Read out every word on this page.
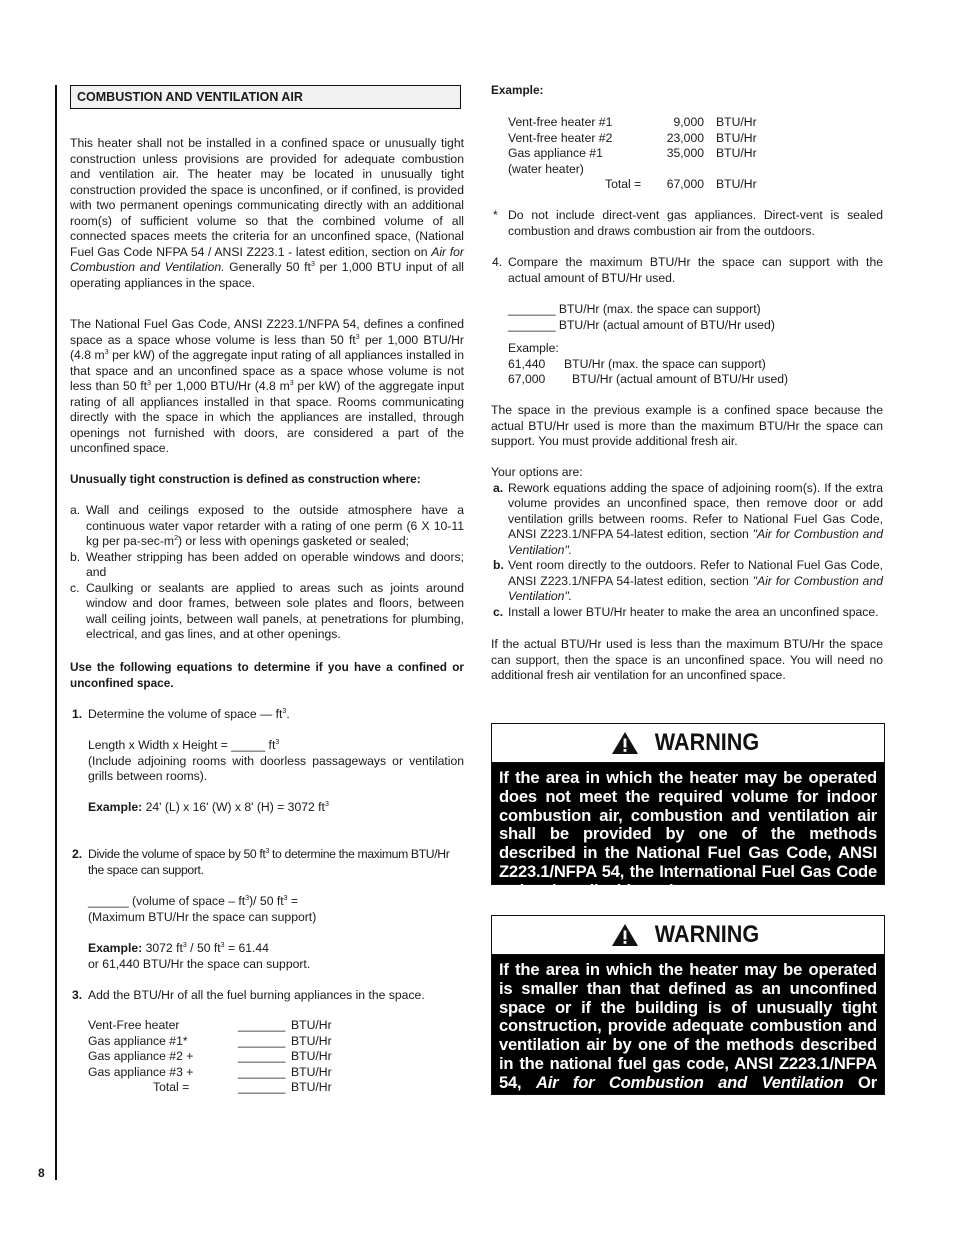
8
COMBUSTION AND VENTILATION AIR

This heater shall not be installed in a confined space or unusually tight construction unless provisions are provided for adequate combustion and ventilation air. The heater may be located in unusually tight construction provided the space is unconfined, or if confined, is provided with two permanent openings communicating directly with an additional room(s) of sufficient volume so that the combined volume of all connected spaces meets the criteria for an unconfined space, (National Fuel Gas Code NFPA 54 / ANSI Z223.1 - latest edition, section on Air for Combustion and Ventilation. Generally 50 $ft^3$ per 1,000 BTU input of all operating appliances in the space.

The National Fuel Gas Code, ANSI Z223.1/NFPA 54, defines a confined space as a space whose volume is less than 50 $ft^3$ per 1,000 BTU/Hr (4.8 $m^3$ per kW) of the aggregate input rating of all appliances installed in that space and an unconfined space as a space whose volume is not less than 50 $ft^3$ per 1,000 BTU/Hr (4.8 $m^3$ per kW) of the aggregate input rating of all appliances installed in that space. Rooms communicating directly with the space in which the appliances are installed, through openings not furnished with doors, are considered a part of the unconfined space.

Unusually tight construction is defined as construction where:

a. Wall and ceilings exposed to the outside atmosphere have a continuous water vapor retarder with a rating of one perm (6 X 10-11 kg per $pa-\sec-m^2$) or less with openings gasketed or sealed;
b. Weather stripping has been added on operable windows and doors; and
c. Caulking or sealants are applied to areas such as joints around window and door frames, between sole plates and floors, between wall ceiling joints, between wall panels, at penetrations for plumbing, electrical, and gas lines, and at other openings.

Use the following equations to determine if you have a confined or unconfined space.

1. Determine the volume of space — $ft^3$.
Length x Width x Height = _____ $ft^3$
(Include adjoining rooms with doorless passageways or ventilation grills between rooms).
Example: 24' (L) x 16' (W) x 8' (H) = 3072 $ft^3$
2. Divide the volume of space by 50 $ft^3$ to determine the maximum BTU/Hr the space can support.
______ (volume of space – $ft^3)/$ 50 $ft^3$ =
(Maximum BTU/Hr the space can support)
Example: 3072 $ft^3 / 50$ $ft^3 = 61.44$
or 61,440 BTU/Hr the space can support.
3. Add the BTU/Hr of all the fuel burning appliances in the space.
Vent-Free heater	_______ BTU/Hr
Gas appliance #1*	_______ BTU/Hr
Gas appliance #2 +	_______ BTU/Hr
Gas appliance #3 +	_______ BTU/Hr
Total =	_______ BTU/Hr

Example:

Vent-free heater #1	9,000 BTU/Hr
Vent-free heater #2	23,000 BTU/Hr
Gas appliance #1	35,000 BTU/Hr
(water heater)
Total =	67,000 BTU/Hr
* Do not include direct-vent gas appliances. Direct-vent is sealed combustion and draws combustion air from the outdoors.
4. Compare the maximum BTU/Hr the space can support with the actual amount of BTU/Hr used.
_______ BTU/Hr (max. the space can support)
_______ BTU/Hr (actual amount of BTU/Hr used)
Example:
61,440	BTU/Hr (max. the space can support)
67,000	BTU/Hr (actual amount of BTU/Hr used)

The space in the previous example is a confined space because the actual BTU/Hr used is more than the maximum BTU/Hr the space can support. You must provide additional fresh air.

Your options are:
a. Rework equations adding the space of adjoining room(s). If the extra volume provides an unconfined space, then remove door or add ventilation grills between rooms. Refer to National Fuel Gas Code, ANSI Z223.1/NFPA 54-latest edition, section "Air for Combustion and Ventilation".
b. Vent room directly to the outdoors. Refer to National Fuel Gas Code, ANSI Z223.1/NFPA 54-latest edition, section "Air for Combustion and Ventilation".
c. Install a lower BTU/Hr heater to make the area an unconfined space.

If the actual BTU/Hr used is less than the maximum BTU/Hr the space can support, then the space is an unconfined space. You will need no additional fresh air ventilation for an unconfined space.

WARNING
If the area in which the heater may be operated does not meet the required volume for indoor combustion air, combustion and ventilation air shall be provided by one of the methods described in the National Fuel Gas Code, ANSI Z223.1/NFPA 54, the International Fuel Gas Code or local applicable codes.
WARNING
If the area in which the heater may be operated is smaller than that defined as an unconfined space or if the building is of unusually tight construction, provide adequate combustion and ventilation air by one of the methods described in the national fuel gas code, ANSI Z223.1/NFPA 54, Air for Combustion and Ventilation Or applicable local codes.
